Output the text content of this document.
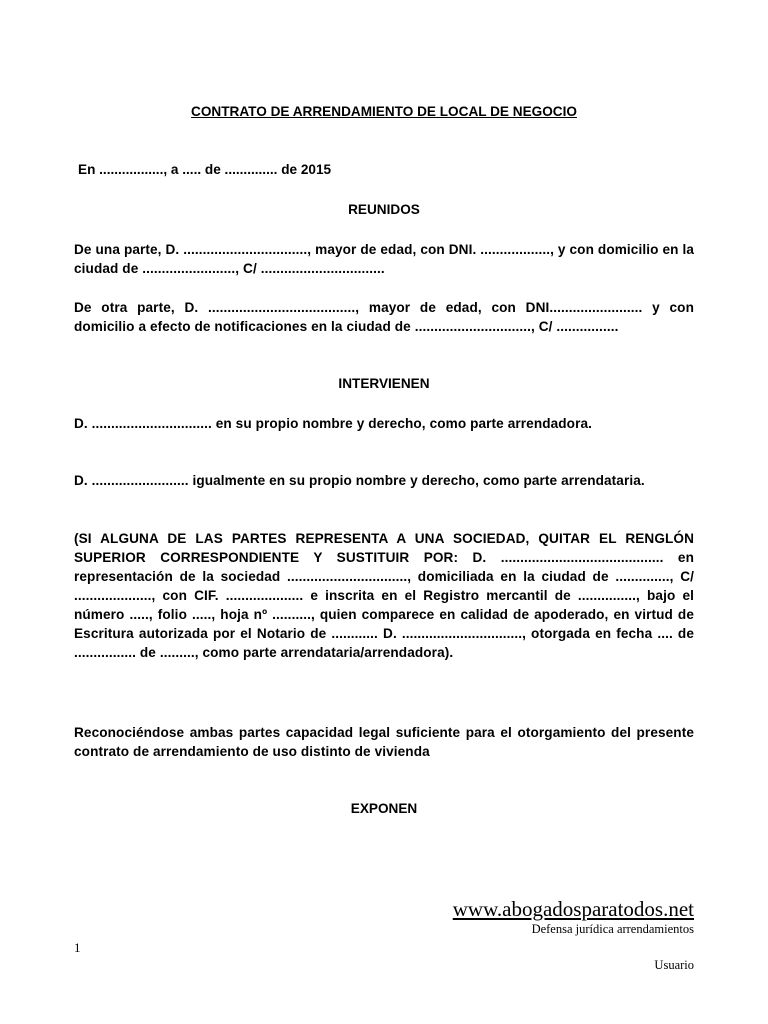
CONTRATO DE ARRENDAMIENTO DE LOCAL DE NEGOCIO
En ................., a ..... de .............. de 2015
REUNIDOS
De una parte, D. ................................, mayor de edad, con DNI. .................., y con domicilio en la ciudad de ........................, C/ ................................
De otra parte, D. ......................................, mayor de edad, con DNI........................ y con domicilio a efecto de notificaciones en la ciudad de .............................., C/ ................
INTERVIENEN
D. ............................... en su propio nombre y derecho, como parte arrendadora.
D. ......................... igualmente en su propio nombre y derecho, como parte arrendataria.
(SI ALGUNA DE LAS PARTES REPRESENTA A UNA SOCIEDAD, QUITAR EL RENGLÓN SUPERIOR CORRESPONDIENTE Y SUSTITUIR POR: D. .......................................... en representación de la sociedad ..............................., domiciliada en la ciudad de .............., C/ ...................., con CIF. .................... e inscrita en el Registro mercantil de ..............., bajo el número ....., folio ....., hoja nº .........., quien comparece en calidad de apoderado, en virtud de Escritura autorizada por el Notario de ............ D. ..............................., otorgada en fecha .... de ................ de ........., como parte arrendataria/arrendadora).
Reconociéndose ambas partes capacidad legal suficiente para el otorgamiento del presente contrato de arrendamiento de uso distinto de vivienda
EXPONEN
www.abogadosparatodos.net
Defensa jurídica arrendamientos
1
Usuario
